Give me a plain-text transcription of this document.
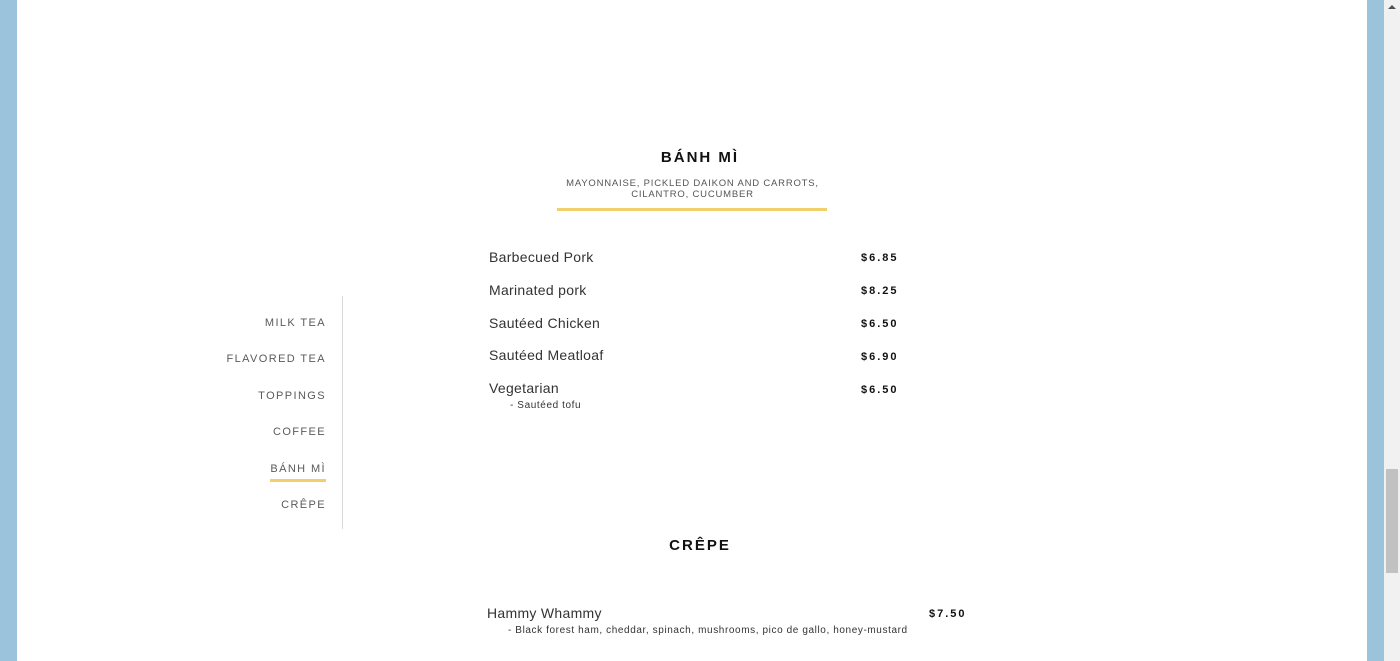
MILK TEA
FLAVORED TEA
TOPPINGS
COFFEE
BÁNH MÌ
CRÊPE
BÁNH MÌ
MAYONNAISE, PICKLED DAIKON AND CARROTS,
CILANTRO, CUCUMBER
Barbecued Pork	$6.85
Marinated pork	$8.25
Sautéed Chicken	$6.50
Sautéed Meatloaf	$6.90
Vegetarian	$6.50
- Sautéed tofu
CRÊPE
Hammy Whammy	$7.50
- Black forest ham, cheddar, spinach, mushrooms, pico de gallo, honey-mustard
